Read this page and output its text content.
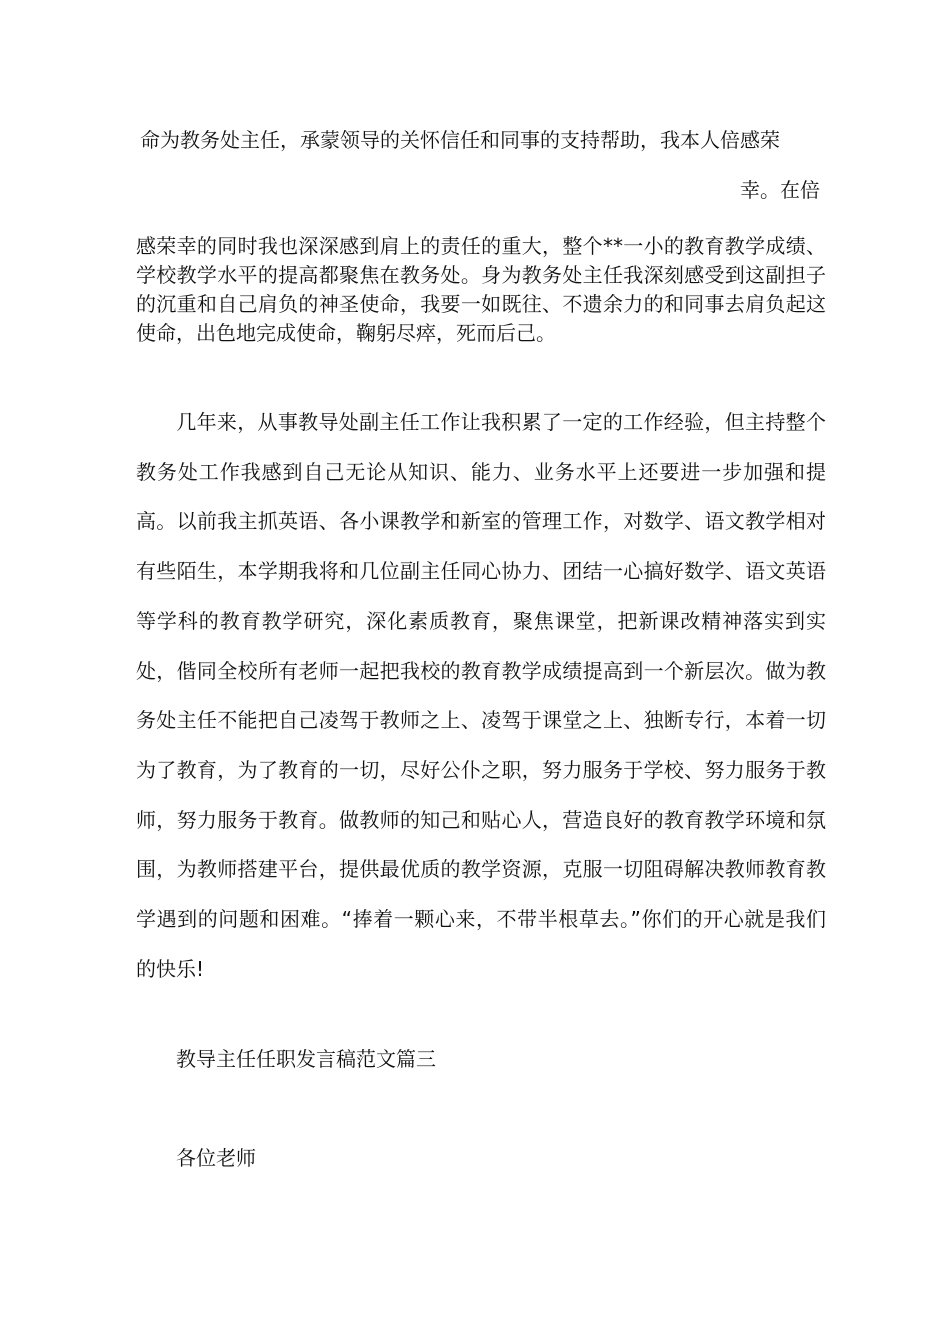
命为教务处主任，承蒙领导的关怀信任和同事的支持帮助，我本人倍感荣
幸。在倍
感荣幸的同时我也深深感到肩上的责任的重大，整个**一小的教育教学成绩、学校教学水平的提高都聚焦在教务处。身为教务处主任我深刻感受到这副担子的沉重和自己肩负的神圣使命，我要一如既往、不遗余力的和同事去肩负起这使命，出色地完成使命，鞠躬尽瘁，死而后己。
几年来，从事教导处副主任工作让我积累了一定的工作经验，但主持整个教务处工作我感到自己无论从知识、能力、业务水平上还要进一步加强和提高。以前我主抓英语、各小课教学和新室的管理工作，对数学、语文教学相对有些陌生，本学期我将和几位副主任同心协力、团结一心搞好数学、语文英语等学科的教育教学研究，深化素质教育，聚焦课堂，把新课改精神落实到实处，偕同全校所有老师一起把我校的教育教学成绩提高到一个新层次。做为教务处主任不能把自己凌驾于教师之上、凌驾于课堂之上、独断专行，本着一切为了教育，为了教育的一切，尽好公仆之职，努力服务于学校、努力服务于教师，努力服务于教育。做教师的知己和贴心人，营造良好的教育教学环境和氛围，为教师搭建平台，提供最优质的教学资源，克服一切阻碍解决教师教育教学遇到的问题和困难。“捧着一颗心来，不带半根草去。”你们的开心就是我们的快乐!
教导主任任职发言稿范文篇三
各位老师
